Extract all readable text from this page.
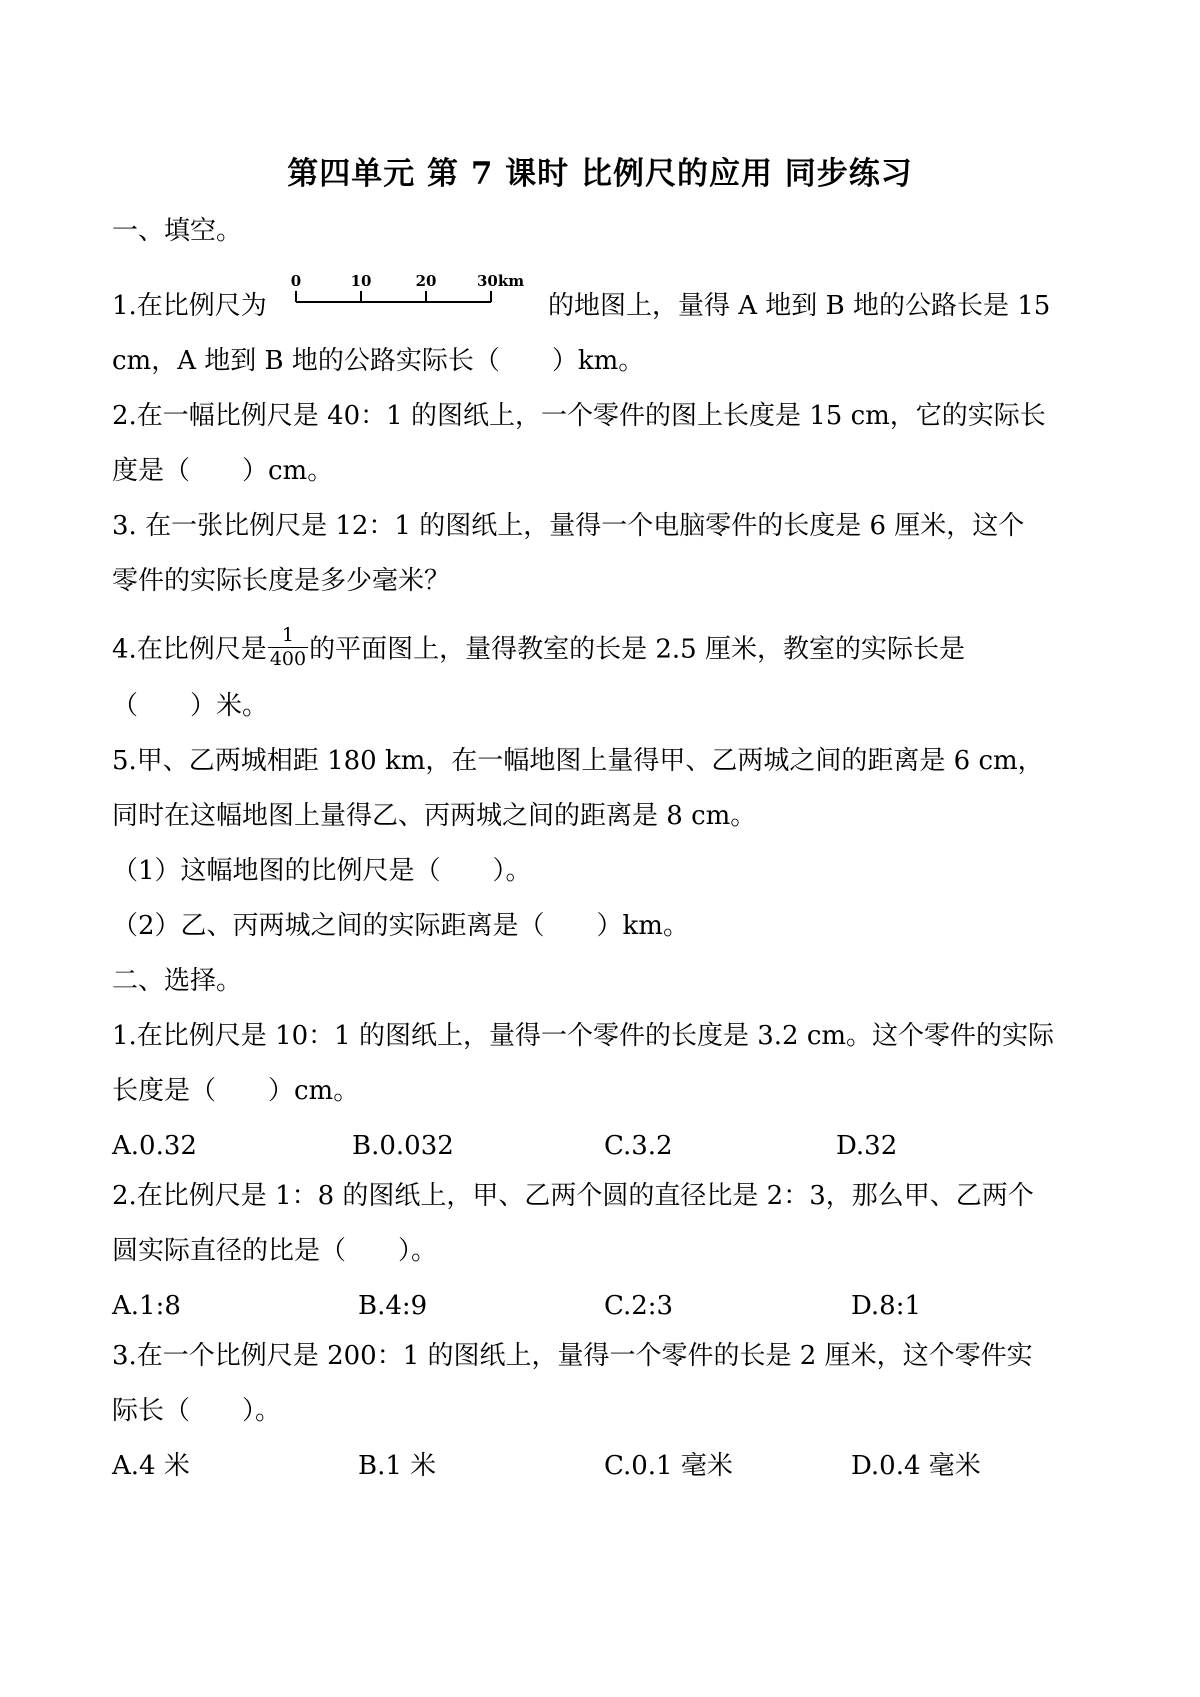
第四单元 第 7 课时 比例尺的应用 同步练习
一、填空。
1.在比例尺为
0	10	20	30km
的地图上，量得 A 地到 B 地的公路长是 15
cm，A 地到 B 地的公路实际长（　　）km。
2.在一幅比例尺是 40：1 的图纸上，一个零件的图上长度是 15 cm，它的实际长
度是（　　）cm。
3. 在一张比例尺是 12：1 的图纸上，量得一个电脑零件的长度是 6 厘米，这个
零件的实际长度是多少毫米？
4.在比例尺是 $\frac{1}{400}$ 的平面图上，量得教室的长是 2.5 厘米，教室的实际长是
（　　）米。
5.甲、乙两城相距 180 km，在一幅地图上量得甲、乙两城之间的距离是 6 cm，
同时在这幅地图上量得乙、丙两城之间的距离是 8 cm。
（1）这幅地图的比例尺是（　　）。
（2）乙、丙两城之间的实际距离是（　　）km。
二、选择。
1.在比例尺是 10：1 的图纸上，量得一个零件的长度是 3.2 cm。这个零件的实际
长度是（　　）cm。
A.0.32	B.0.032	C.3.2	D.32
2.在比例尺是 1：8 的图纸上，甲、乙两个圆的直径比是 2：3，那么甲、乙两个
圆实际直径的比是（　　）。
A.1:8	B.4:9	C.2:3	D.8:1
3.在一个比例尺是 200：1 的图纸上，量得一个零件的长是 2 厘米，这个零件实
际长（　　）。
A.4 米	B.1 米	C.0.1 毫米	D.0.4 毫米
